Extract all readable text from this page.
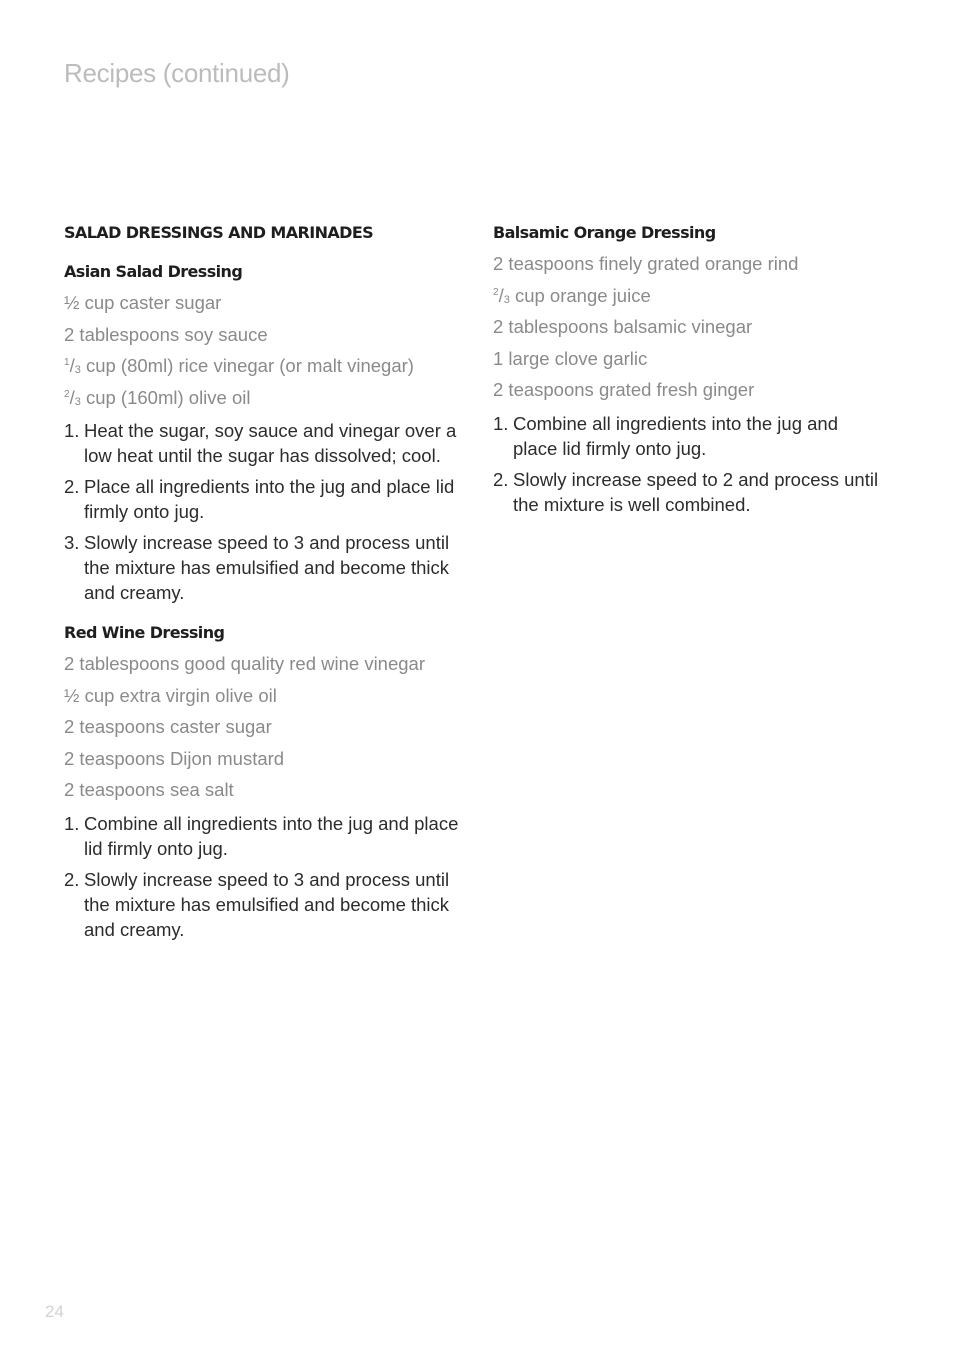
Recipes (continued)
SALAD DRESSINGS AND MARINADES
Asian Salad Dressing
½ cup caster sugar
2 tablespoons soy sauce
$^1/_3$ cup (80ml) rice vinegar (or malt vinegar)
$^2/_3$ cup (160ml) olive oil
1. Heat the sugar, soy sauce and vinegar over a low heat until the sugar has dissolved; cool.
2. Place all ingredients into the jug and place lid firmly onto jug.
3. Slowly increase speed to 3 and process until the mixture has emulsified and become thick and creamy.
Red Wine Dressing
2 tablespoons good quality red wine vinegar
½ cup extra virgin olive oil
2 teaspoons caster sugar
2 teaspoons Dijon mustard
2 teaspoons sea salt
1. Combine all ingredients into the jug and place lid firmly onto jug.
2. Slowly increase speed to 3 and process until the mixture has emulsified and become thick and creamy.
Balsamic Orange Dressing
2 teaspoons finely grated orange rind
$^2/_3$ cup orange juice
2 tablespoons balsamic vinegar
1 large clove garlic
2 teaspoons grated fresh ginger
1. Combine all ingredients into the jug and place lid firmly onto jug.
2. Slowly increase speed to 2 and process until the mixture is well combined.
24
